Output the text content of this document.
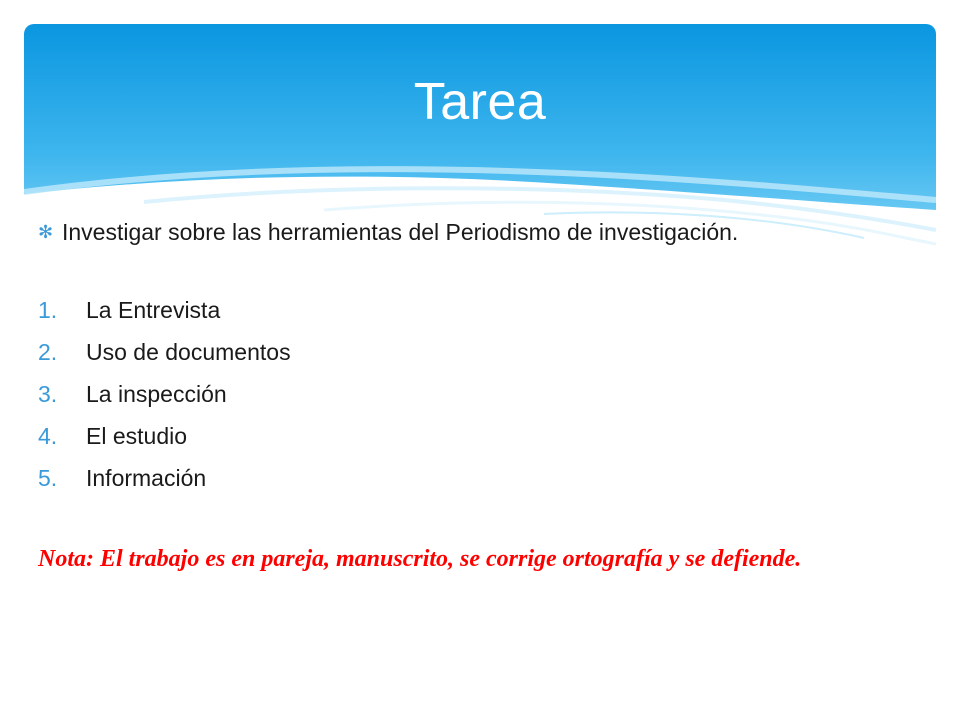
Tarea
✻ Investigar sobre las herramientas del Periodismo de investigación.
1. La Entrevista
2. Uso de documentos
3. La inspección
4. El estudio
5. Información
Nota: El trabajo es en pareja, manuscrito, se corrige ortografía y se defiende.
